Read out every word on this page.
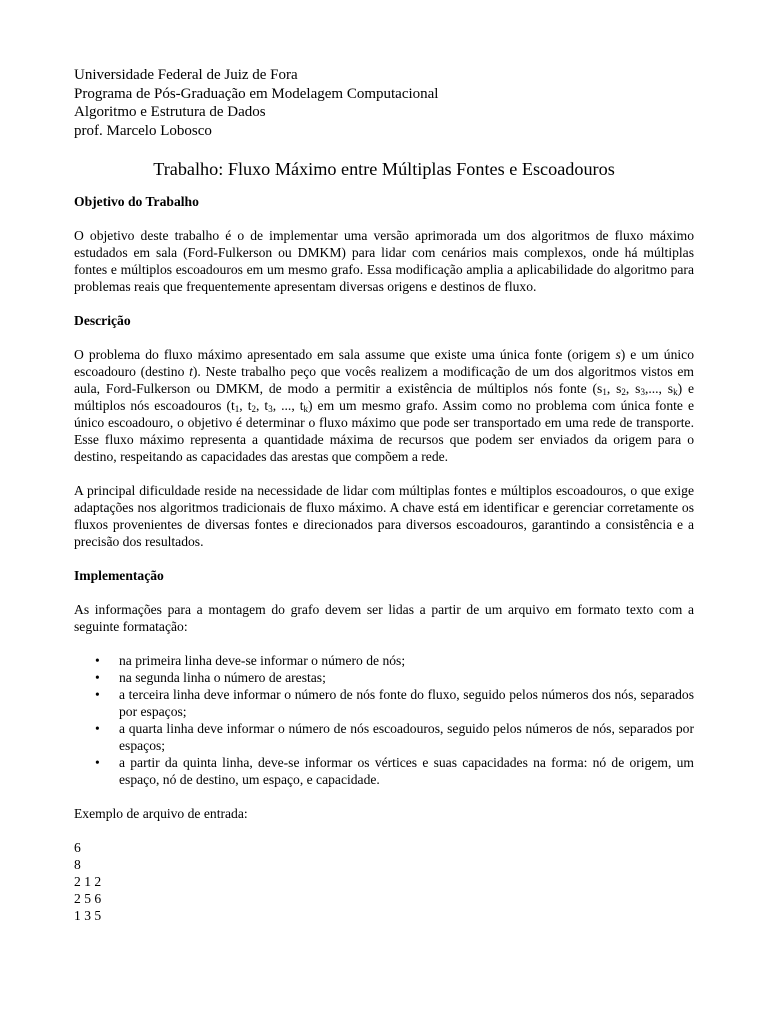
Universidade Federal de Juiz de Fora

Programa de Pós-Graduação em Modelagem Computacional

Algoritmo e Estrutura de Dados

prof. Marcelo Lobosco

Trabalho: Fluxo Máximo entre Múltiplas Fontes e Escoadouros

Objetivo do Trabalho

O objetivo deste trabalho é o de implementar uma versão aprimorada um dos algoritmos de fluxo máximo estudados em sala (Ford-Fulkerson ou DMKM) para lidar com cenários mais complexos, onde há múltiplas fontes e múltiplos escoadouros em um mesmo grafo. Essa modificação amplia a aplicabilidade do algoritmo para problemas reais que frequentemente apresentam diversas origens e destinos de fluxo.

Descrição

O problema do fluxo máximo apresentado em sala assume que existe uma única fonte (origem s) e um único escoadouro (destino t). Neste trabalho peço que vocês realizem a modificação de um dos algoritmos vistos em aula, Ford-Fulkerson ou DMKM, de modo a permitir a existência de múltiplos nós fonte ($s_1$, $s_2$, $s_3$,..., $s_k$) e múltiplos nós escoadouros ($t_1$, $t_2$, $t_3$, ..., $t_k$) em um mesmo grafo. Assim como no problema com única fonte e único escoadouro, o objetivo é determinar o fluxo máximo que pode ser transportado em uma rede de transporte. Esse fluxo máximo representa a quantidade máxima de recursos que podem ser enviados da origem para o destino, respeitando as capacidades das arestas que compõem a rede.

A principal dificuldade reside na necessidade de lidar com múltiplas fontes e múltiplos escoadouros, o que exige adaptações nos algoritmos tradicionais de fluxo máximo. A chave está em identificar e gerenciar corretamente os fluxos provenientes de diversas fontes e direcionados para diversos escoadouros, garantindo a consistência e a precisão dos resultados.

Implementação

As informações para a montagem do grafo devem ser lidas a partir de um arquivo em formato texto com a seguinte formatação:

• na primeira linha deve-se informar o número de nós;
• na segunda linha o número de arestas;
• a terceira linha deve informar o número de nós fonte do fluxo, seguido pelos números dos nós, separados por espaços;
• a quarta linha deve informar o número de nós escoadouros, seguido pelos números de nós, separados por espaços;
• a partir da quinta linha, deve-se informar os vértices e suas capacidades na forma: nó de origem, um espaço, nó de destino, um espaço, e capacidade.

Exemplo de arquivo de entrada:

6

8

2 1 2

2 5 6

1 3 5
